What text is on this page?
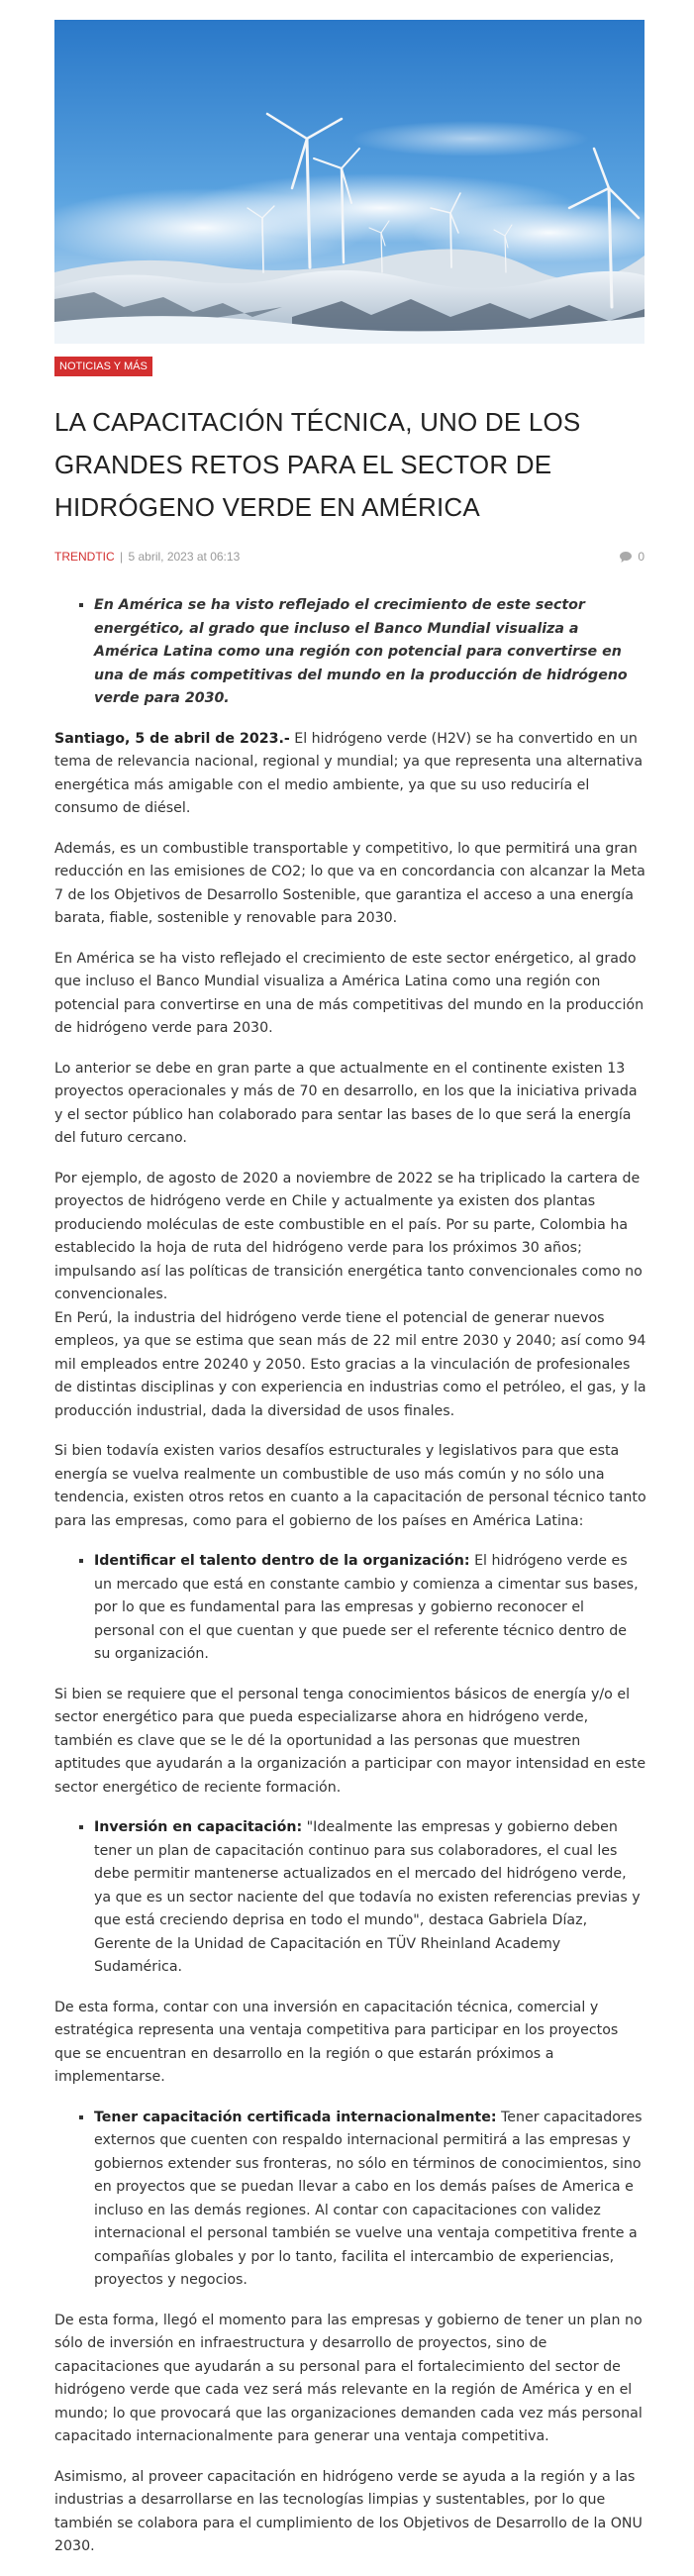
NOTICIAS Y MÁS
LA CAPACITACIÓN TÉCNICA, UNO DE LOS GRANDES RETOS PARA EL SECTOR DE HIDRÓGENO VERDE EN AMÉRICA
TRENDTIC | 5 abril, 2023 at 06:13	0
▪ En América se ha visto reflejado el crecimiento de este sector energético, al grado que incluso el Banco Mundial visualiza a América Latina como una región con potencial para convertirse en una de más competitivas del mundo en la producción de hidrógeno verde para 2030.

Santiago, 5 de abril de 2023.- El hidrógeno verde (H2V) se ha convertido en un tema de relevancia nacional, regional y mundial; ya que representa una alternativa energética más amigable con el medio ambiente, ya que su uso reduciría el consumo de diésel.

Además, es un combustible transportable y competitivo, lo que permitirá una gran reducción en las emisiones de CO2; lo que va en concordancia con alcanzar la Meta 7 de los Objetivos de Desarrollo Sostenible, que garantiza el acceso a una energía barata, fiable, sostenible y renovable para 2030.

En América se ha visto reflejado el crecimiento de este sector enérgetico, al grado que incluso el Banco Mundial visualiza a América Latina como una región con potencial para convertirse en una de más competitivas del mundo en la producción de hidrógeno verde para 2030.

Lo anterior se debe en gran parte a que actualmente en el continente existen 13 proyectos operacionales y más de 70 en desarrollo, en los que la iniciativa privada y el sector público han colaborado para sentar las bases de lo que será la energía del futuro cercano.

Por ejemplo, de agosto de 2020 a noviembre de 2022 se ha triplicado la cartera de proyectos de hidrógeno verde en Chile y actualmente ya existen dos plantas produciendo moléculas de este combustible en el país. Por su parte, Colombia ha establecido la hoja de ruta del hidrógeno verde para los próximos 30 años; impulsando así las políticas de transición energética tanto convencionales como no convencionales.
En Perú, la industria del hidrógeno verde tiene el potencial de generar nuevos empleos, ya que se estima que sean más de 22 mil entre 2030 y 2040; así como 94 mil empleados entre 20240 y 2050. Esto gracias a la vinculación de profesionales de distintas disciplinas y con experiencia en industrias como el petróleo, el gas, y la producción industrial, dada la diversidad de usos finales.

Si bien todavía existen varios desafíos estructurales y legislativos para que esta energía se vuelva realmente un combustible de uso más común y no sólo una tendencia, existen otros retos en cuanto a la capacitación de personal técnico tanto para las empresas, como para el gobierno de los países en América Latina:

▪ Identificar el talento dentro de la organización: El hidrógeno verde es un mercado que está en constante cambio y comienza a cimentar sus bases, por lo que es fundamental para las empresas y gobierno reconocer el personal con el que cuentan y que puede ser el referente técnico dentro de su organización.

Si bien se requiere que el personal tenga conocimientos básicos de energía y/o el sector energético para que pueda especializarse ahora en hidrógeno verde, también es clave que se le dé la oportunidad a las personas que muestren aptitudes que ayudarán a la organización a participar con mayor intensidad en este sector energético de reciente formación.

▪ Inversión en capacitación: "Idealmente las empresas y gobierno deben tener un plan de capacitación continuo para sus colaboradores, el cual les debe permitir mantenerse actualizados en el mercado del hidrógeno verde, ya que es un sector naciente del que todavía no existen referencias previas y que está creciendo deprisa en todo el mundo", destaca Gabriela Díaz, Gerente de la Unidad de Capacitación en TÜV Rheinland Academy Sudamérica.

De esta forma, contar con una inversión en capacitación técnica, comercial y estratégica representa una ventaja competitiva para participar en los proyectos que se encuentran en desarrollo en la región o que estarán próximos a implementarse.

▪ Tener capacitación certificada internacionalmente: Tener capacitadores externos que cuenten con respaldo internacional permitirá a las empresas y gobiernos extender sus fronteras, no sólo en términos de conocimientos, sino en proyectos que se puedan llevar a cabo en los demás países de America e incluso en las demás regiones. Al contar con capacitaciones con validez internacional el personal también se vuelve una ventaja competitiva frente a compañías globales y por lo tanto, facilita el intercambio de experiencias, proyectos y negocios.

De esta forma, llegó el momento para las empresas y gobierno de tener un plan no sólo de inversión en infraestructura y desarrollo de proyectos, sino de capacitaciones que ayudarán a su personal para el fortalecimiento del sector de hidrógeno verde que cada vez será más relevante en la región de América y en el mundo; lo que provocará que las organizaciones demanden cada vez más personal capacitado internacionalmente para generar una ventaja competitiva.

Asimismo, al proveer capacitación en hidrógeno verde se ayuda a la región y a las industrias a desarrollarse en las tecnologías limpias y sustentables, por lo que también se colabora para el cumplimiento de los Objetivos de Desarrollo de la ONU 2030.
